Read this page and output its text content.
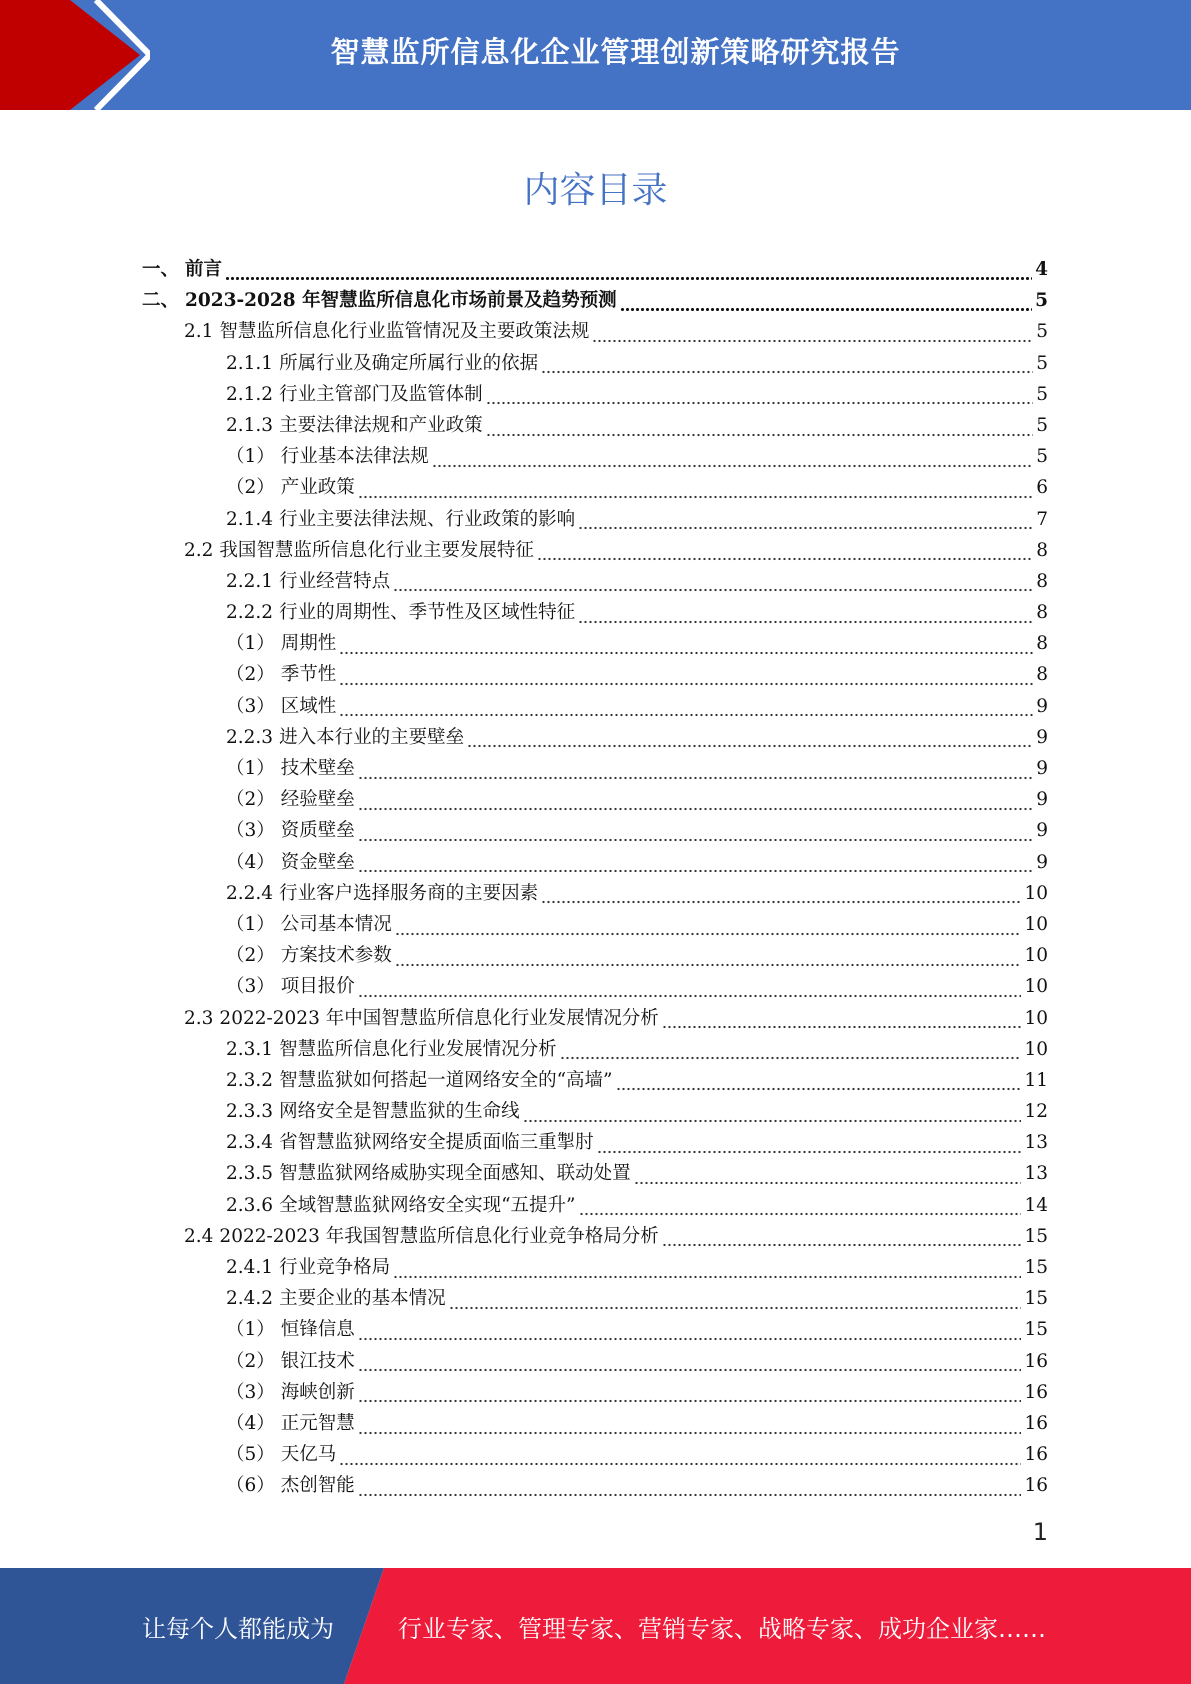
智慧监所信息化企业管理创新策略研究报告
内容目录
一、 前言	4
二、 2023-2028 年智慧监所信息化市场前景及趋势预测	5
2.1 智慧监所信息化行业监管情况及主要政策法规	5
2.1.1 所属行业及确定所属行业的依据	5
2.1.2 行业主管部门及监管体制	5
2.1.3 主要法律法规和产业政策	5
（1） 行业基本法律法规	5
（2） 产业政策	6
2.1.4 行业主要法律法规、行业政策的影响	7
2.2 我国智慧监所信息化行业主要发展特征	8
2.2.1 行业经营特点	8
2.2.2 行业的周期性、季节性及区域性特征	8
（1） 周期性	8
（2） 季节性	8
（3） 区域性	9
2.2.3 进入本行业的主要壁垒	9
（1） 技术壁垒	9
（2） 经验壁垒	9
（3） 资质壁垒	9
（4） 资金壁垒	9
2.2.4 行业客户选择服务商的主要因素	10
（1） 公司基本情况	10
（2） 方案技术参数	10
（3） 项目报价	10
2.3 2022-2023 年中国智慧监所信息化行业发展情况分析	10
2.3.1 智慧监所信息化行业发展情况分析	10
2.3.2 智慧监狱如何搭起一道网络安全的“高墙”	11
2.3.3 网络安全是智慧监狱的生命线	12
2.3.4 省智慧监狱网络安全提质面临三重掣肘	13
2.3.5 智慧监狱网络威胁实现全面感知、联动处置	13
2.3.6 全域智慧监狱网络安全实现“五提升”	14
2.4 2022-2023 年我国智慧监所信息化行业竞争格局分析	15
2.4.1 行业竞争格局	15
2.4.2 主要企业的基本情况	15
（1） 恒锋信息	15
（2） 银江技术	16
（3） 海峡创新	16
（4） 正元智慧	16
（5） 天亿马	16
（6） 杰创智能	16
1
让每个人都能成为	行业专家、管理专家、营销专家、战略专家、成功企业家……
